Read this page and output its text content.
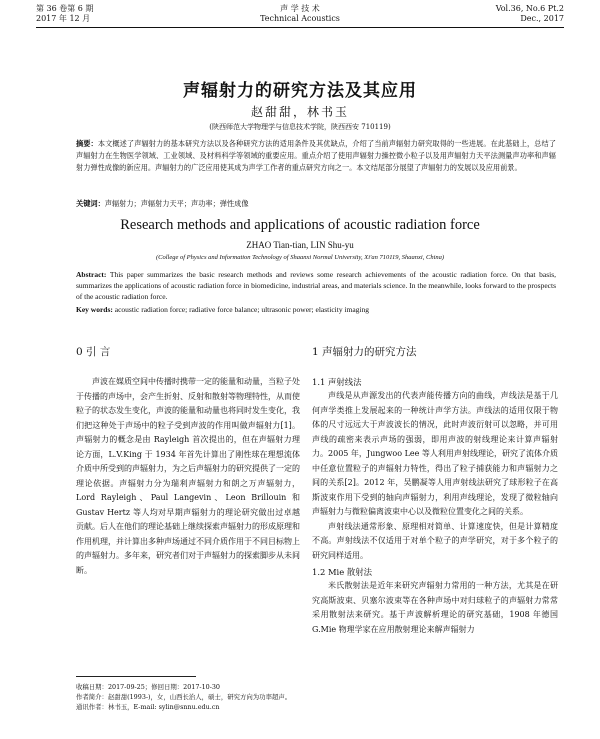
第 36 卷第 6 期
2017 年 12 月
声 学 技 术
Technical Acoustics
Vol.36, No.6 Pt.2
Dec., 2017
声辐射力的研究方法及其应用
赵甜甜，林书玉
(陕西师范大学物理学与信息技术学院，陕西西安 710119)
摘要：本文概述了声辐射力的基本研究方法以及各种研究方法的适用条件及其优缺点，介绍了当前声辐射力研究取得的一些进展。在此基础上，总结了声辐射力在生物医学领域、工业领域、及材料科学等领域的重要应用。重点介绍了使用声辐射力操控微小粒子以及用声辐射力天平法测量声功率和声辐射力弹性成像的新应用。声辐射力的广泛应用使其成为声学工作者的重点研究方向之一。本文结尾部分展望了声辐射力的发展以及应用前景。
关键词：声辐射力；声辐射力天平；声功率；弹性成像
Research methods and applications of acoustic radiation force
ZHAO Tian-tian, LIN Shu-yu
(College of Physics and Information Technology of Shaanxi Normal University, Xi'an 710119, Shaanxi, China)
Abstract: This paper summarizes the basic research methods and reviews some research achievements of the acoustic radiation force. On that basis, summarizes the applications of acoustic radiation force in biomedicine, industrial areas, and materials science. In the meanwhile, looks forward to the prospects of the acoustic radiation force.
Key words: acoustic radiation force; radiative force balance; ultrasonic power; elasticity imaging
0 引 言
声波在媒质空间中传播时携带一定的能量和动量，当粒子处于传播的声场中，会产生折射、反射和散射等物理特性，从而使粒子的状态发生变化，声波的能量和动量也将同时发生变化，我们把这种处于声场中的粒子受到声波的作用叫做声辐射力[1]。声辐射力的概念是由 Rayleigh 首次提出的，但在声辐射力理论方面，L.V.King 于 1934 年首先计算出了刚性球在理想流体介质中所受到的声辐射力，为之后声辐射力的研究提供了一定的理论依据。声辐射力分为瑞利声辐射力和朗之万声辐射力，Lord Rayleigh、Paul Langevin、Leon Brillouin 和 Gustav Hertz 等人均对早期声辐射力的理论研究做出过卓越贡献。后人在他们的理论基础上继续探索声辐射力的形成原理和作用机理，并计算出多种声场通过不同介质作用于不同目标物上的声辐射力。多年来，研究者们对于声辐射力的探索脚步从未间断。
1 声辐射力的研究方法
1.1 声射线法
声线是从声源发出的代表声能传播方向的曲线，声线法是基于几何声学类推上发展起来的一种统计声学方法。声线法的适用仅限于物体的尺寸远远大于声波波长的情况，此时声波衍射可以忽略，并可用声线的疏密来表示声场的强弱，即用声波的射线理论来计算声辐射力。2005 年，Jungwoo Lee 等人利用声射线理论，研究了流体介质中任意位置粒子的声辐射力特性，得出了粒子捕获能力和声辐射力之间的关系[2]。2012 年，吴鹏凝等人用声射线法研究了球形粒子在高斯波束作用下受到的轴向声辐射力，利用声线理论，发现了微粒轴向声辐射力与微粒偏离波束中心以及微粒位置变化之间的关系。
声射线法通常形象、原理相对简单、计算速度快，但是计算精度不高。声射线法不仅适用于对单个粒子的声学研究，对于多个粒子的研究同样适用。
1.2 Mie 散射法
米氏散射法是近年来研究声辐射力常用的一种方法，尤其是在研究高斯波束、贝塞尔波束等在各种声场中对归球粒子的声辐射力常常采用散射法来研究。基于声波解析理论的研究基础，1908 年德国 G.Mie 物理学家在应用散射理论来解声辐射力
收稿日期：2017-09-25；修回日期：2017-10-30
作者简介：赵甜甜(1993-)，女，山西长治人，硕士，研究方向为功率超声。
通讯作者：林书玉，E-mail: sylin@snnu.edu.cn
